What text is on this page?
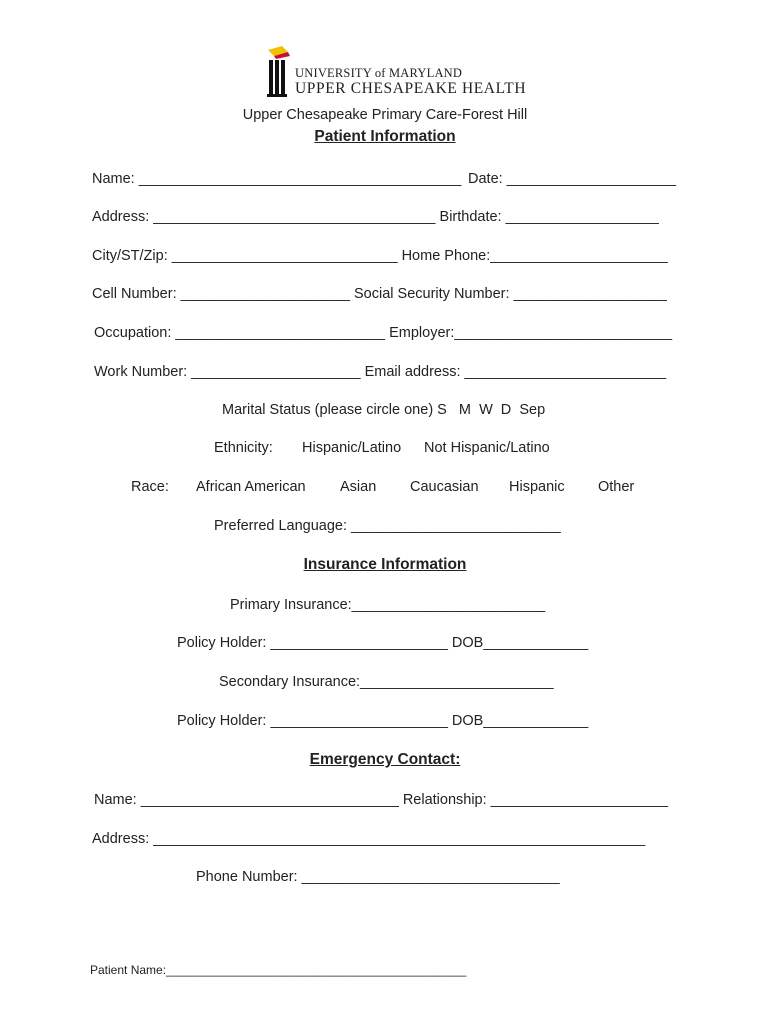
UNIVERSITY of MARYLAND
UPPER CHESAPEAKE HEALTH
Upper Chesapeake Primary Care-Forest Hill
Patient Information
Name: ________________________________________ Date: _____________________
Address: ___________________________________ Birthdate: ___________________
City/ST/Zip: ____________________________ Home Phone:______________________
Cell Number: _____________________ Social Security Number: ___________________
Occupation: __________________________ Employer:___________________________
Work Number: _____________________ Email address: _________________________
Marital Status (please circle one) S   M  W  D  Sep
Ethnicity: Hispanic/Latino Not Hispanic/Latino
Race: African American Asian Caucasian Hispanic Other
Preferred Language: __________________________
Insurance Information
Primary Insurance:________________________
Policy Holder: ______________________ DOB_____________
Secondary Insurance:________________________
Policy Holder: ______________________ DOB_____________
Emergency Contact:
Name: ________________________________ Relationship: ______________________
Address: _____________________________________________________________
Phone Number: ________________________________
Patient Name:_____________________________________________
